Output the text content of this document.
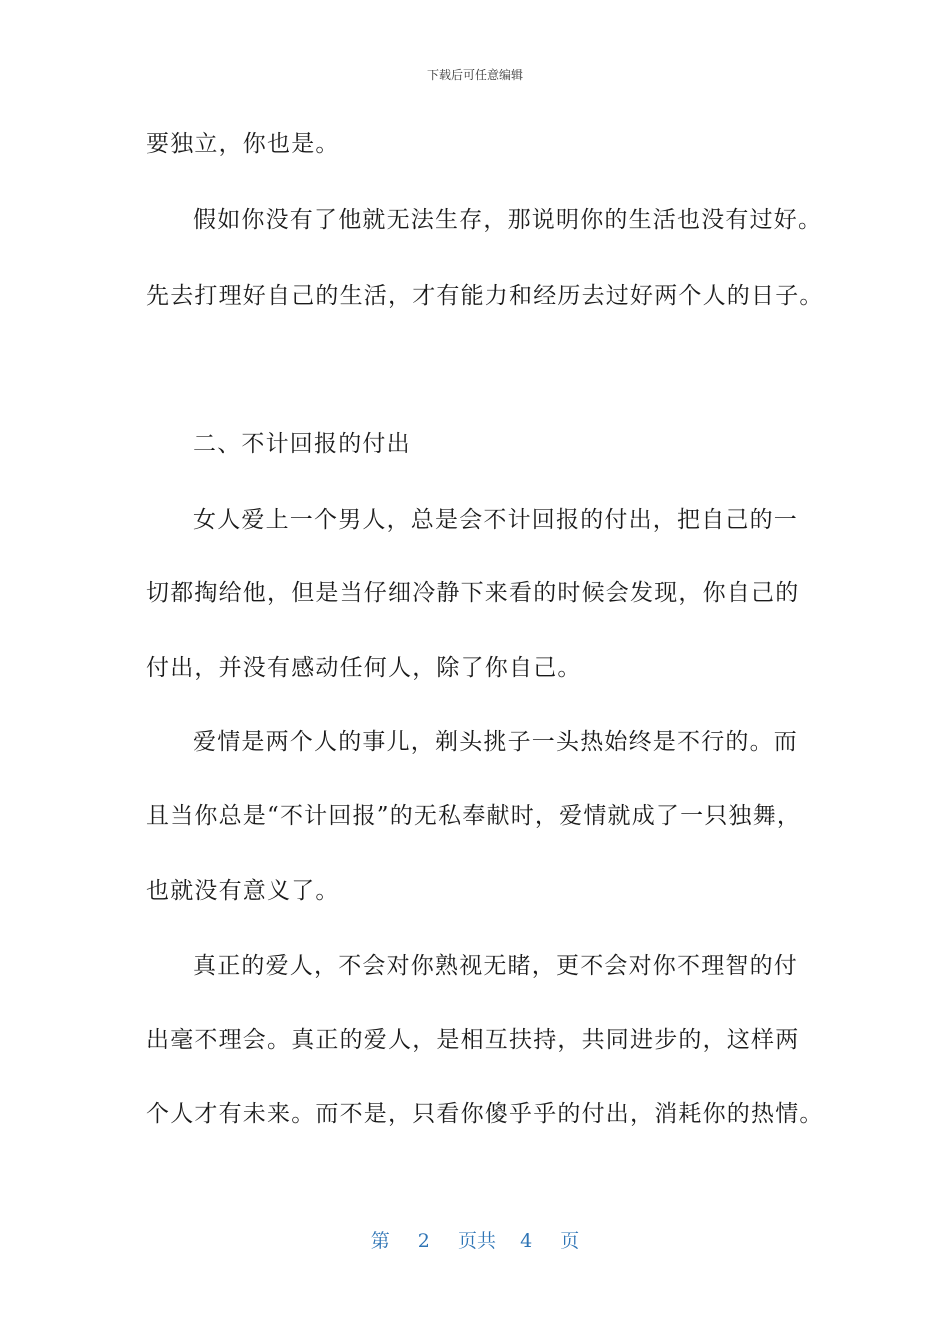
下载后可任意编辑
要独立，你也是。
假如你没有了他就无法生存，那说明你的生活也没有过好。
先去打理好自己的生活，才有能力和经历去过好两个人的日子。
二、不计回报的付出
女人爱上一个男人，总是会不计回报的付出，把自己的一
切都掏给他，但是当仔细冷静下来看的时候会发现，你自己的
付出，并没有感动任何人，除了你自己。
爱情是两个人的事儿，剃头挑子一头热始终是不行的。而
且当你总是“不计回报”的无私奉献时，爱情就成了一只独舞，
也就没有意义了。
真正的爱人，不会对你熟视无睹，更不会对你不理智的付
出毫不理会。真正的爱人，是相互扶持，共同进步的，这样两
个人才有未来。而不是，只看你傻乎乎的付出，消耗你的热情。
第 2 页共 4 页
